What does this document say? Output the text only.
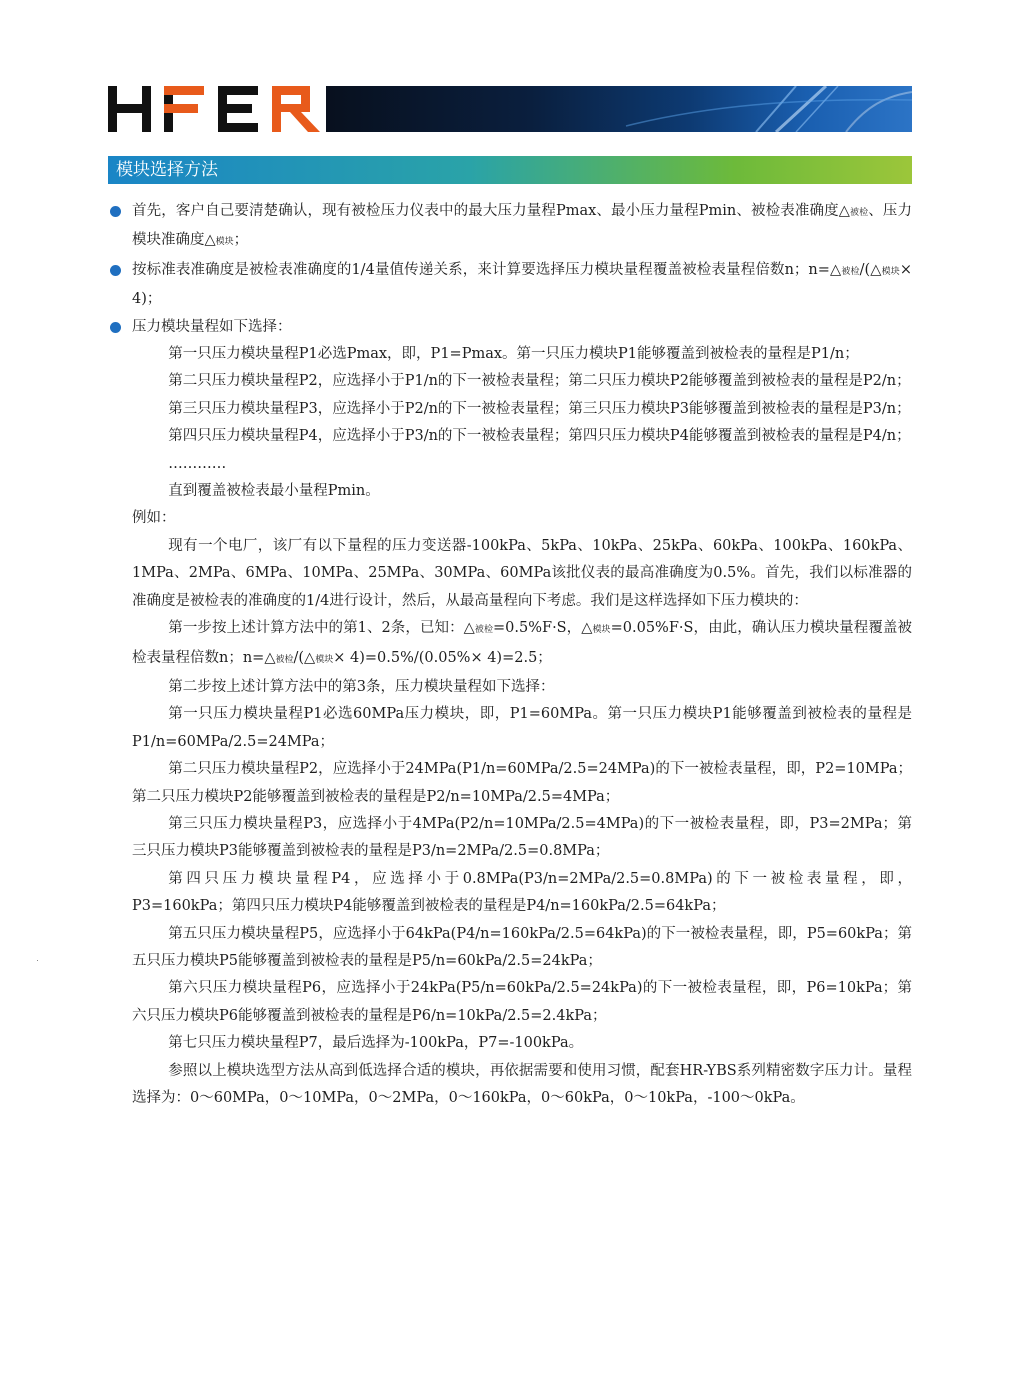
模块选择方法

首先，客户自己要清楚确认，现有被检压力仪表中的最大压力量程Pmax、最小压力量程Pmin、被检表准确度△被检、压力模块准确度△模块；

按标准表准确度是被检表准确度的1/4量值传递关系，来计算要选择压力模块量程覆盖被检表量程倍数n；n=△被检/(△模块× 4)；

压力模块量程如下选择：

第一只压力模块量程P1必选Pmax，即，P1=Pmax。第一只压力模块P1能够覆盖到被检表的量程是P1/n；

第二只压力模块量程P2，应选择小于P1/n的下一被检表量程；第二只压力模块P2能够覆盖到被检表的量程是P2/n；

第三只压力模块量程P3，应选择小于P2/n的下一被检表量程；第三只压力模块P3能够覆盖到被检表的量程是P3/n；

第四只压力模块量程P4，应选择小于P3/n的下一被检表量程；第四只压力模块P4能够覆盖到被检表的量程是P4/n；

…………

直到覆盖被检表最小量程Pmin。

例如：

现有一个电厂，该厂有以下量程的压力变送器-100kPa、5kPa、10kPa、25kPa、60kPa、100kPa、160kPa、1MPa、2MPa、6MPa、10MPa、25MPa、30MPa、60MPa该批仪表的最高准确度为0.5%。首先，我们以标准器的准确度是被检表的准确度的1/4进行设计，然后，从最高量程向下考虑。我们是这样选择如下压力模块的：

第一步按上述计算方法中的第1、2条，已知：△被检=0.5%F·S，△模块=0.05%F·S，由此，确认压力模块量程覆盖被检表量程倍数n；n=△被检/(△模块× 4)=0.5%/(0.05%× 4)=2.5；

第二步按上述计算方法中的第3条，压力模块量程如下选择：

第一只压力模块量程P1必选60MPa压力模块，即，P1=60MPa。第一只压力模块P1能够覆盖到被检表的量程是P1/n=60MPa/2.5=24MPa；

第二只压力模块量程P2，应选择小于24MPa(P1/n=60MPa/2.5=24MPa)的下一被检表量程，即，P2=10MPa；第二只压力模块P2能够覆盖到被检表的量程是P2/n=10MPa/2.5=4MPa；

第三只压力模块量程P3，应选择小于4MPa(P2/n=10MPa/2.5=4MPa)的下一被检表量程，即，P3=2MPa；第三只压力模块P3能够覆盖到被检表的量程是P3/n=2MPa/2.5=0.8MPa；

第四只压力模块量程P4，应选择小于0.8MPa(P3/n=2MPa/2.5=0.8MPa)的下一被检表量程，即，P3=160kPa；第四只压力模块P4能够覆盖到被检表的量程是P4/n=160kPa/2.5=64kPa；

第五只压力模块量程P5，应选择小于64kPa(P4/n=160kPa/2.5=64kPa)的下一被检表量程，即，P5=60kPa；第五只压力模块P5能够覆盖到被检表的量程是P5/n=60kPa/2.5=24kPa；

第六只压力模块量程P6，应选择小于24kPa(P5/n=60kPa/2.5=24kPa)的下一被检表量程，即，P6=10kPa；第六只压力模块P6能够覆盖到被检表的量程是P6/n=10kPa/2.5=2.4kPa；

第七只压力模块量程P7，最后选择为-100kPa，P7=-100kPa。

参照以上模块选型方法从高到低选择合适的模块，再依据需要和使用习惯，配套HR-YBS系列精密数字压力计。量程选择为：0～60MPa，0～10MPa，0～2MPa，0～160kPa，0～60kPa，0～10kPa，-100～0kPa。
